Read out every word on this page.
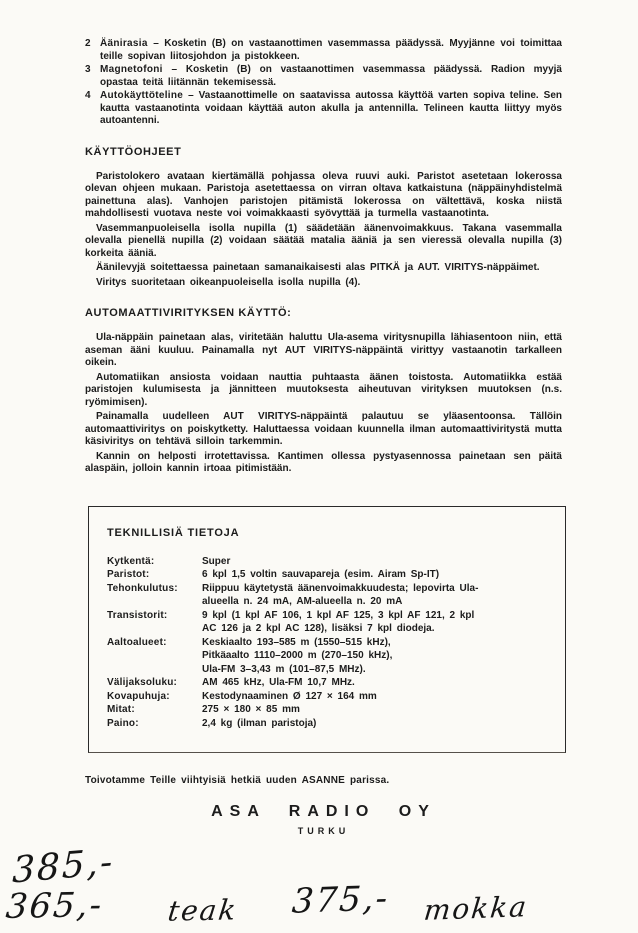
2 Äänirasia – Kosketin (B) on vastaanottimen vasemmassa päädyssä. Myyjänne voi toimittaa teille sopivan liitosjohdon ja pistokkeen.
3 Magnetofoni – Kosketin (B) on vastaanottimen vasemmassa päädyssä. Radion myyjä opastaa teitä liitännän tekemisessä.
4 Autokäyttöteline – Vastaanottimelle on saatavissa autossa käyttöä varten sopiva teline. Sen kautta vastaanotinta voidaan käyttää auton akulla ja antennilla. Telineen kautta liittyy myös autoantenni.
KÄYTTÖOHJEET

Paristolokero avataan kiertämällä pohjassa oleva ruuvi auki. Paristot asetetaan lokerossa olevan ohjeen mukaan. Paristoja asetettaessa on virran oltava katkaistuna (näppäinyhdistelmä painettuna alas). Vanhojen paristojen pitämistä lokerossa on vältettävä, koska niistä mahdollisesti vuotava neste voi voimakkaasti syövyttää ja turmella vastaanotinta.

Vasemmanpuoleisella isolla nupilla (1) säädetään äänenvoimakkuus. Takana vasemmalla olevalla pienellä nupilla (2) voidaan säätää matalia ääniä ja sen vieressä olevalla nupilla (3) korkeita ääniä.

Äänilevyjä soitettaessa painetaan samanaikaisesti alas PITKÄ ja AUT. VIRITYS-näppäimet.

Viritys suoritetaan oikeanpuoleisella isolla nupilla (4).

AUTOMAATTIVIRITYKSEN KÄYTTÖ:

Ula-näppäin painetaan alas, viritetään haluttu Ula-asema viritysnupilla lähiasentoon niin, että aseman ääni kuuluu. Painamalla nyt AUT VIRITYS-näppäintä virittyy vastaanotin tarkalleen oikein.

Automatiikan ansiosta voidaan nauttia puhtaasta äänen toistosta. Automatiikka estää paristojen kulumisesta ja jännitteen muutoksesta aiheutuvan virityksen muutoksen (n.s. ryömimisen).

Painamalla uudelleen AUT VIRITYS-näppäintä palautuu se yläasentoonsa. Tällöin automaattiviritys on poiskytketty. Haluttaessa voidaan kuunnella ilman automaattiviritystä mutta käsiviritys on tehtävä silloin tarkemmin.

Kannin on helposti irrotettavissa. Kantimen ollessa pystyasennossa painetaan sen päitä alaspäin, jolloin kannin irtoaa pitimistään.

TEKNILLISIÄ TIETOJA
Kytkentä:	Super
Paristot:	6 kpl 1,5 voltin sauvapareja (esim. Airam Sp-IT)
Tehonkulutus:	Riippuu käytetystä äänenvoimakkuudesta; lepovirta Ula-
alueella n. 24 mA, AM-alueella n. 20 mA
Transistorit:	9 kpl (1 kpl AF 106, 1 kpl AF 125, 3 kpl AF 121, 2 kpl
AC 126 ja 2 kpl AC 128), lisäksi 7 kpl diodeja.
Aaltoalueet:	Keskiaalto 193–585 m (1550–515 kHz),
Pitkäaalto 1110–2000 m (270–150 kHz),
Ula-FM 3–3,43 m (101–87,5 MHz).
Välijaksoluku:	AM 465 kHz, Ula-FM 10,7 MHz.
Kovapuhuja:	Kestodynaaminen Ø 127 × 164 mm
Mitat:	275 × 180 × 85 mm
Paino:	2,4 kg (ilman paristoja)
Toivotamme Teille viihtyisiä hetkiä uuden ASANNE parissa.
ASA RADIO OY
TURKU
385,-
365,- teak 375,- mokka
